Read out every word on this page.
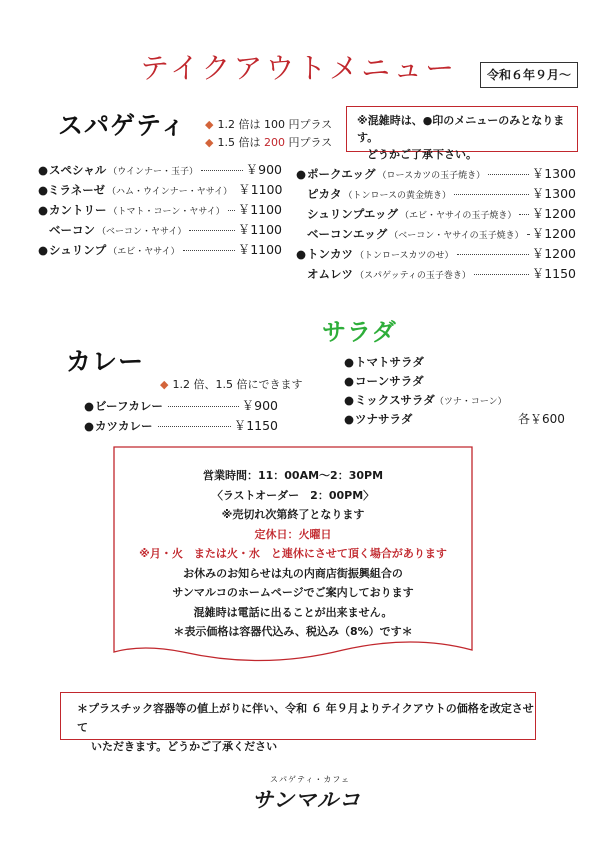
テイクアウトメニュー	令和６年９月〜
※混雑時は、●印のメニューのみとなります。
どうかご了承下さい。
スパゲティ ◆ 1.2 倍は 100 円プラス
◆ 1.5 倍は 200 円プラス
● スペシャル （ウインナー・玉子）	￥900
● ミラネーゼ （ハム・ウインナー・ヤサイ） ￥1100
● カントリー （トマト・コーン・ヤサイ） ￥1100
ベーコン （ベーコン・ヤサイ）	￥1100
● シュリンプ （エビ・ヤサイ）	￥1100
● ポークエッグ （ロースカツの玉子焼き）	￥1300
ピカタ （トンロースの黄金焼き）	￥1300
シュリンプエッグ （エビ・ヤサイの玉子焼き） ￥1200
ベーコンエッグ （ベーコン・ヤサイの玉子焼き） ￥1200
● トンカツ （トンロースカツのせ）	￥1200
オムレツ （スパゲッティの玉子巻き）	￥1150
サラダ
●トマトサラダ
●コーンサラダ
●ミックスサラダ（ツナ・コーン）
●ツナサラダ	各￥600
カレー
◆ 1.2 倍、1.5 倍にできます
● ビーフカレー	￥900
● カツカレー	￥1150
営業時間：11：00AM〜2：30PM
〈ラストオーダー　2：00PM〉
※売切れ次第終了となります
定休日：火曜日
※月・火　または火・水　と連休にさせて頂く場合があります
お休みのお知らせは丸の内商店街振興組合の
サンマルコのホームページでご案内しております
混雑時は電話に出ることが出来ません。
＊表示価格は容器代込み、税込み（8%）です＊
＊プラスチック容器等の値上がりに伴い、令和 ６ 年９月よりテイクアウトの価格を改定させて
いただきます。どうかご了承ください
スパゲティ・カフェ
サンマルコ
